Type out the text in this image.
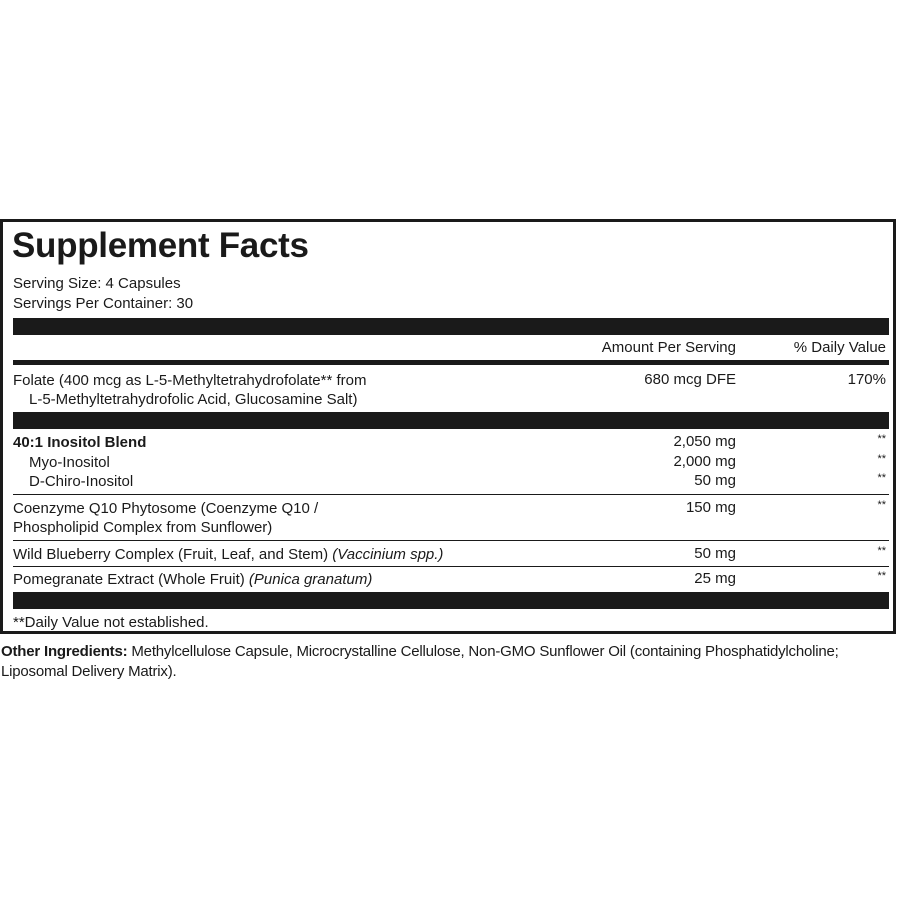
Supplement Facts
Serving Size: 4 Capsules
Servings Per Container: 30
Amount Per Serving	% Daily Value
Folate (400 mcg as L-5-Methyltetrahydrofolate** from
L-5-Methyltetrahydrofolic Acid, Glucosamine Salt)
680 mcg DFE	170%
40:1 Inositol Blend	2,050 mg	**
Myo-Inositol	2,000 mg	**
D-Chiro-Inositol	50 mg	**
Coenzyme Q10 Phytosome (Coenzyme Q10 /
Phospholipid Complex from Sunflower)
150 mg	**
Wild Blueberry Complex (Fruit, Leaf, and Stem) (Vaccinium spp.)	50 mg	**
Pomegranate Extract (Whole Fruit) (Punica granatum)	25 mg	**
**Daily Value not established.
Other Ingredients: Methylcellulose Capsule, Microcrystalline Cellulose, Non-GMO Sunflower Oil (containing Phosphatidylcholine; Liposomal Delivery Matrix).
